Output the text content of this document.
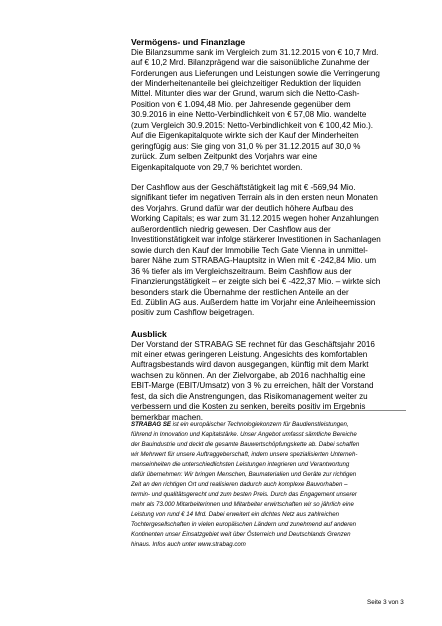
Vermögens- und Finanzlage
Die Bilanzsumme sank im Vergleich zum 31.12.2015 von € 10,7 Mrd.
auf € 10,2 Mrd. Bilanzprägend war die saisonübliche Zunahme der
Forderungen aus Lieferungen und Leistungen sowie die Verringerung
der Minderheitenanteile bei gleichzeitiger Reduktion der liquiden
Mittel. Mitunter dies war der Grund, warum sich die Netto-Cash-
Position von € 1.094,48 Mio. per Jahresende gegenüber dem
30.9.2016 in eine Netto-Verbindlichkeit von € 57,08 Mio. wandelte
(zum Vergleich 30.9.2015: Netto-Verbindlichkeit von € 100,42 Mio.).
Auf die Eigenkapitalquote wirkte sich der Kauf der Minderheiten
geringfügig aus: Sie ging von 31,0 % per 31.12.2015 auf 30,0 %
zurück. Zum selben Zeitpunkt des Vorjahrs war eine
Eigenkapitalquote von 29,7 % berichtet worden.
Der Cashflow aus der Geschäftstätigkeit lag mit € -569,94 Mio.
signifikant tiefer im negativen Terrain als in den ersten neun Monaten
des Vorjahrs. Grund dafür war der deutlich höhere Aufbau des
Working Capitals; es war zum 31.12.2015 wegen hoher Anzahlungen
außerordentlich niedrig gewesen. Der Cashflow aus der
Investitionstätigkeit war infolge stärkerer Investitionen in Sachanlagen
sowie durch den Kauf der Immobilie Tech Gate Vienna in unmittel-
barer Nähe zum STRABAG-Hauptsitz in Wien mit € -242,84 Mio. um
36 % tiefer als im Vergleichszeitraum. Beim Cashflow aus der
Finanzierungstätigkeit – er zeigte sich bei € -422,37 Mio. – wirkte sich
besonders stark die Übernahme der restlichen Anteile an der
Ed. Züblin AG aus. Außerdem hatte im Vorjahr eine Anleiheemission
positiv zum Cashflow beigetragen.
Ausblick
Der Vorstand der STRABAG SE rechnet für das Geschäftsjahr 2016
mit einer etwas geringeren Leistung. Angesichts des komfortablen
Auftragsbestands wird davon ausgegangen, künftig mit dem Markt
wachsen zu können. An der Zielvorgabe, ab 2016 nachhaltig eine
EBIT-Marge (EBIT/Umsatz) von 3 % zu erreichen, hält der Vorstand
fest, da sich die Anstrengungen, das Risikomanagement weiter zu
verbessern und die Kosten zu senken, bereits positiv im Ergebnis
bemerkbar machen.
STRABAG SE ist ein europäischer Technologiekonzern für Baudienstleistungen,
führend in Innovation und Kapitalstärke. Unser Angebot umfasst sämtliche Bereiche
der Bauindustrie und deckt die gesamte Bauwertschöpfungskette ab. Dabei schaffen
wir Mehrwert für unsere Auftraggeberschaft, indem unsere spezialisierten Unterneh-
menseinheiten die unterschiedlichsten Leistungen integrieren und Verantwortung
dafür übernehmen: Wir bringen Menschen, Baumaterialien und Geräte zur richtigen
Zeit an den richtigen Ort und realisieren dadurch auch komplexe Bauvorhaben –
termin- und qualitätsgerecht und zum besten Preis. Durch das Engagement unserer
mehr als 73.000 Mitarbeiterinnen und Mitarbeiter erwirtschaften wir so jährlich eine
Leistung von rund € 14 Mrd. Dabei erweitert ein dichtes Netz aus zahlreichen
Tochtergesellschaften in vielen europäischen Ländern und zunehmend auf anderen
Kontinenten unser Einsatzgebiet weit über Österreich und Deutschlands Grenzen
hinaus. Infos auch unter www.strabag.com
Seite 3 von 3
